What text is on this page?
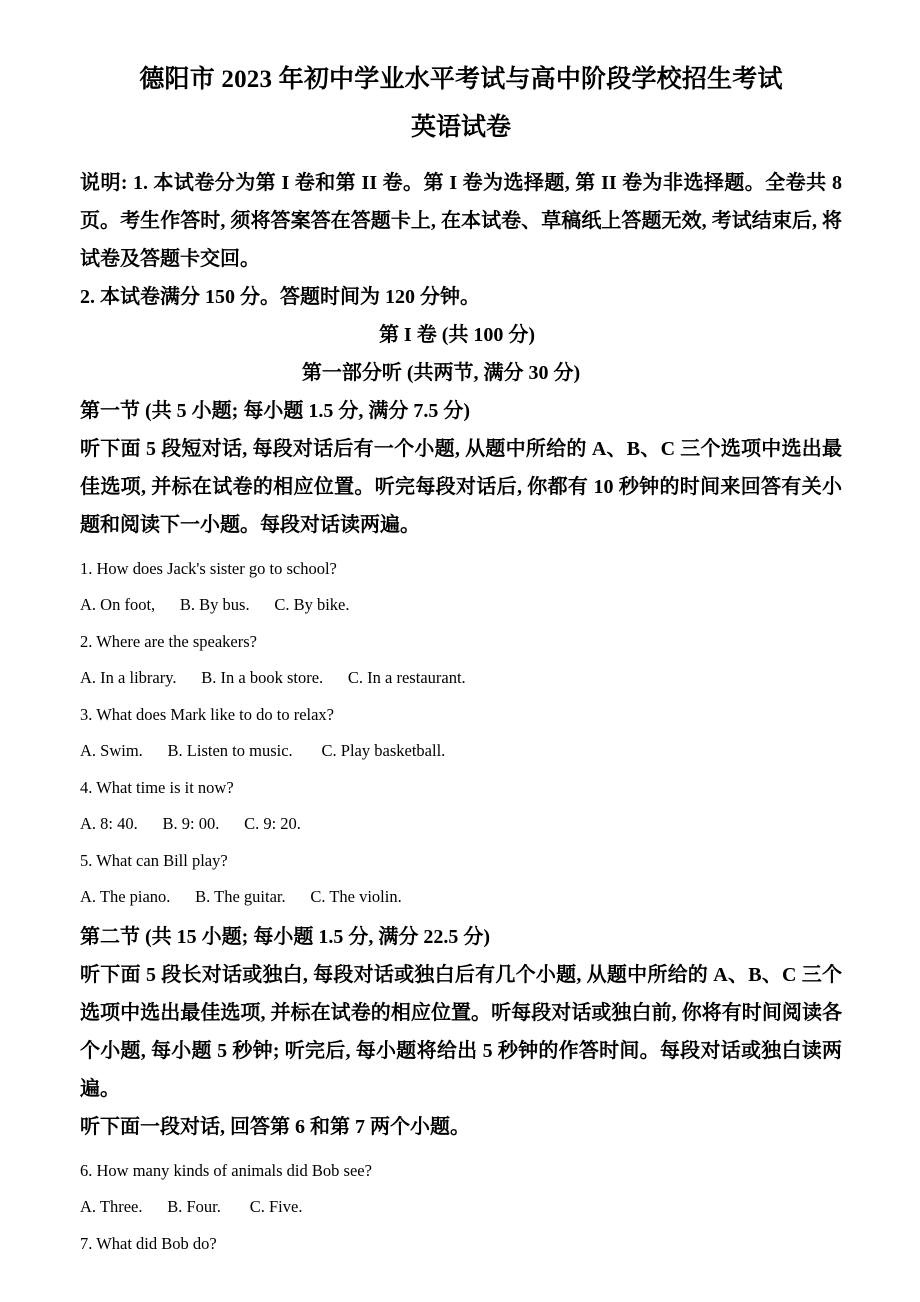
德阳市 2023 年初中学业水平考试与高中阶段学校招生考试
英语试卷

说明: 1. 本试卷分为第 I 卷和第 II 卷。第 I 卷为选择题, 第 II 卷为非选择题。全卷共 8 页。考生作答时, 须将答案答在答题卡上, 在本试卷、草稿纸上答题无效, 考试结束后, 将试卷及答题卡交回。

2. 本试卷满分 150 分。答题时间为 120 分钟。

第 I 卷 (共 100 分)

第一部分听 (共两节, 满分 30 分)

第一节 (共 5 小题; 每小题 1.5 分, 满分 7.5 分)

听下面 5 段短对话, 每段对话后有一个小题, 从题中所给的 A、B、C 三个选项中选出最佳选项, 并标在试卷的相应位置。听完每段对话后, 你都有 10 秒钟的时间来回答有关小题和阅读下一小题。每段对话读两遍。

1. How does Jack's sister go to school?

A. On foot,      B. By bus.      C. By bike.

2. Where are the speakers?

A. In a library.      B. In a book store.      C. In a restaurant.

3. What does Mark like to do to relax?

A. Swim.      B. Listen to music.       C. Play basketball.

4. What time is it now?

A. 8: 40.      B. 9: 00.      C. 9: 20.

5. What can Bill play?

A. The piano.      B. The guitar.      C. The violin.

第二节 (共 15 小题; 每小题 1.5 分, 满分 22.5 分)

听下面 5 段长对话或独白, 每段对话或独白后有几个小题, 从题中所给的 A、B、C 三个选项中选出最佳选项, 并标在试卷的相应位置。听每段对话或独白前, 你将有时间阅读各个小题, 每小题 5 秒钟; 听完后, 每小题将给出 5 秒钟的作答时间。每段对话或独白读两遍。

听下面一段对话, 回答第 6 和第 7 两个小题。

6. How many kinds of animals did Bob see?

A. Three.      B. Four.       C. Five.

7. What did Bob do?
